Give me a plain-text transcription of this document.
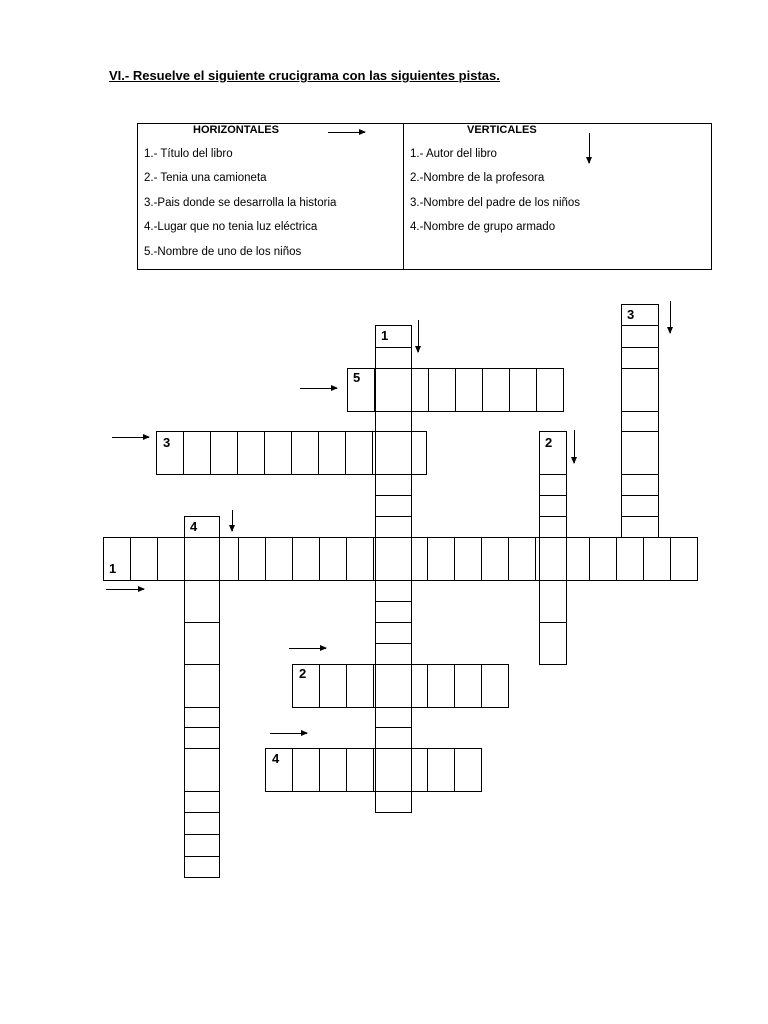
VI.- Resuelve el siguiente crucigrama con las siguientes pistas.
HORIZONTALES
1.- Título del libro
2.- Tenia una camioneta
3.-Pais donde se desarrolla la historia
4.-Lugar que no tenia luz eléctrica
5.-Nombre de uno de los niños
VERTICALES
1.- Autor del libro
2.-Nombre de la profesora
3.-Nombre del padre de los niños
4.-Nombre de grupo armado
1
3
5
3	2
4
1
2
4
